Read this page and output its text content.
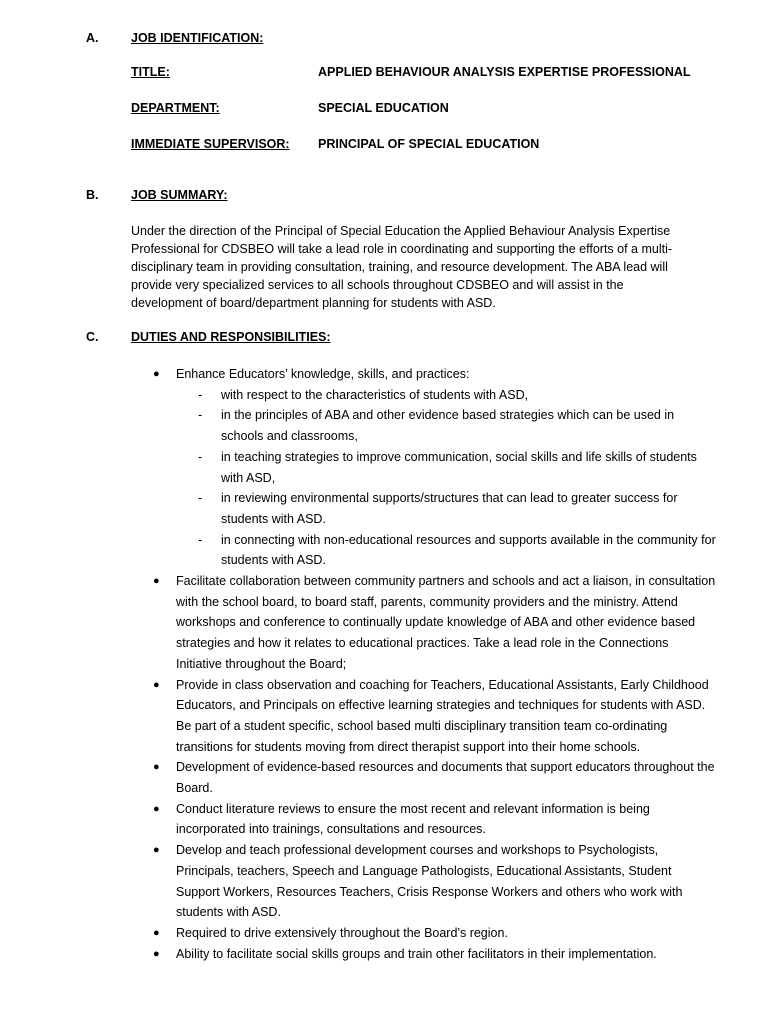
A.	JOB IDENTIFICATION:
TITLE:	APPLIED BEHAVIOUR ANALYSIS EXPERTISE PROFESSIONAL
DEPARTMENT:	SPECIAL EDUCATION
IMMEDIATE SUPERVISOR: PRINCIPAL OF SPECIAL EDUCATION
B.	JOB SUMMARY:

Under the direction of the Principal of Special Education the Applied Behaviour Analysis Expertise Professional for CDSBEO will take a lead role in coordinating and supporting the efforts of a multi-disciplinary team in providing consultation, training, and resource development. The ABA lead will provide very specialized services to all schools throughout CDSBEO and will assist in the development of board/department planning for students with ASD.

C.	DUTIES AND RESPONSIBILITIES:
● Enhance Educators’ knowledge, skills, and practices:
- with respect to the characteristics of students with ASD,
- in the principles of ABA and other evidence based strategies which can be used in schools and classrooms,
- in teaching strategies to improve communication, social skills and life skills of students with ASD,
- in reviewing environmental supports/structures that can lead to greater success for students with ASD.
- in connecting with non-educational resources and supports available in the community for students with ASD.
● Facilitate collaboration between community partners and schools and act a liaison, in consultation with the school board, to board staff, parents, community providers and the ministry. Attend workshops and conference to continually update knowledge of ABA and other evidence based strategies and how it relates to educational practices. Take a lead role in the Connections Initiative throughout the Board;
● Provide in class observation and coaching for Teachers, Educational Assistants, Early Childhood Educators, and Principals on effective learning strategies and techniques for students with ASD. Be part of a student specific, school based multi disciplinary transition team co-ordinating transitions for students moving from direct therapist support into their home schools.
● Development of evidence-based resources and documents that support educators throughout the Board.
● Conduct literature reviews to ensure the most recent and relevant information is being incorporated into trainings, consultations and resources.
● Develop and teach professional development courses and workshops to Psychologists, Principals, teachers, Speech and Language Pathologists, Educational Assistants, Student Support Workers, Resources Teachers, Crisis Response Workers and others who work with students with ASD.
● Required to drive extensively throughout the Board’s region.
● Ability to facilitate social skills groups and train other facilitators in their implementation.
